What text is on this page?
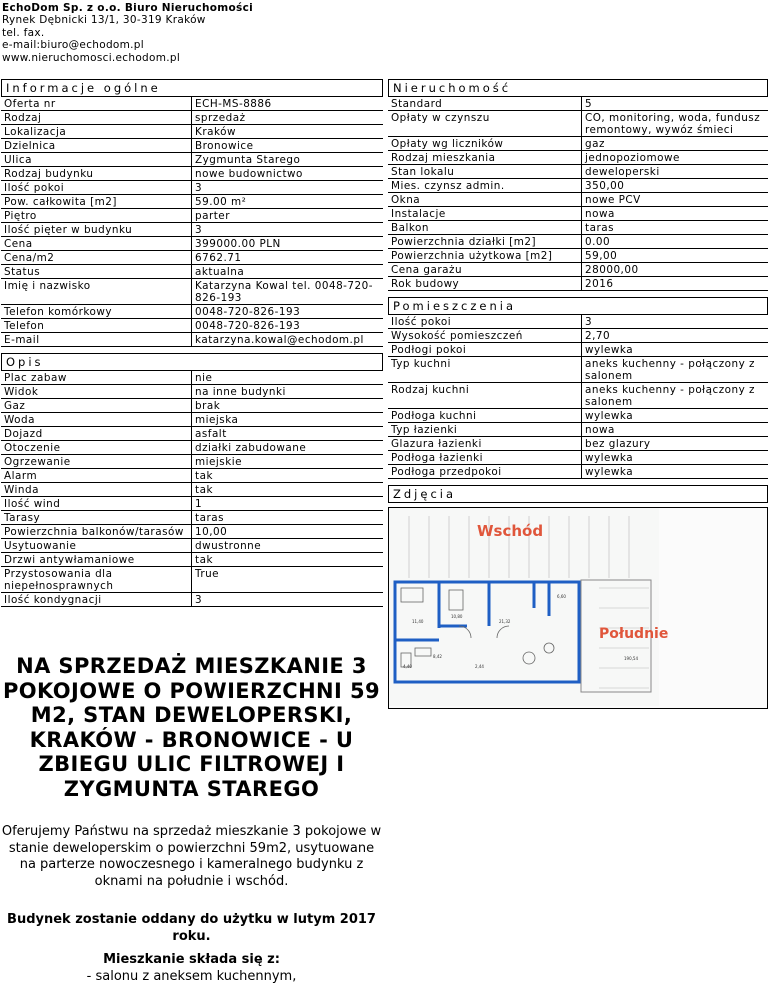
EchoDom Sp. z o.o. Biuro Nieruchomości
Rynek Dębnicki 13/1, 30-319 Kraków
tel. fax.
e-mail:biuro@echodom.pl
www.nieruchomosci.echodom.pl
Informacje ogólne
Oferta nr	ECH-MS-8886
Rodzaj	sprzedaż
Lokalizacja	Kraków
Dzielnica	Bronowice
Ulica	Zygmunta Starego
Rodzaj budynku	nowe budownictwo
Ilość pokoi	3
Pow. całkowita [m2]	59.00 m²
Piętro	parter
Ilość pięter w budynku	3
Cena	399000.00 PLN
Cena/m2	6762.71
Status	aktualna
Imię i nazwisko	Katarzyna Kowal tel. 0048-720-826-193
Telefon komórkowy	0048-720-826-193
Telefon	0048-720-826-193
E-mail	katarzyna.kowal@echodom.pl
Opis
Plac zabaw	nie
Widok	na inne budynki
Gaz	brak
Woda	miejska
Dojazd	asfalt
Otoczenie	działki zabudowane
Ogrzewanie	miejskie
Alarm	tak
Winda	tak
Ilość wind	1
Tarasy	taras
Powierzchnia balkonów/tarasów	10,00
Usytuowanie	dwustronne
Drzwi antywłamaniowe	tak
Przystosowania dla niepełnosprawnych	True
Ilość kondygnacji	3
Nieruchomość
Standard	5
Opłaty w czynszu	CO, monitoring, woda, fundusz remontowy, wywóz śmieci
Opłaty wg liczników	gaz
Rodzaj mieszkania	jednopoziomowe
Stan lokalu	deweloperski
Mies. czynsz admin.	350,00
Okna	nowe PCV
Instalacje	nowa
Balkon	taras
Powierzchnia działki [m2]	0.00
Powierzchnia użytkowa [m2]	59,00
Cena garażu	28000,00
Rok budowy	2016
Pomieszczenia
Ilość pokoi	3
Wysokość pomieszczeń	2,70
Podłogi pokoi	wylewka
Typ kuchni	aneks kuchenny - połączony z salonem
Rodzaj kuchni	aneks kuchenny - połączony z salonem
Podłoga kuchni	wylewka
Typ łazienki	nowa
Glazura łazienki	bez glazury
Podłoga łazienki	wylewka
Podłoga przedpokoi	wylewka
Zdjęcia
11,40
10,80
21,32
4,40
8,42
2,44
6,60
190,54
Wschód
Południe
NA SPRZEDAŻ MIESZKANIE 3 POKOJOWE O POWIERZCHNI 59 M2, STAN DEWELOPERSKI, KRAKÓW - BRONOWICE - U ZBIEGU ULIC FILTROWEJ I ZYGMUNTA STAREGO
Oferujemy Państwu na sprzedaż mieszkanie 3 pokojowe w stanie deweloperskim o powierzchni 59m2, usytuowane na parterze nowoczesnego i kameralnego budynku z oknami na południe i wschód.
Budynek zostanie oddany do użytku w lutym 2017 roku.
Mieszkanie składa się z:
- salonu z aneksem kuchennym,
